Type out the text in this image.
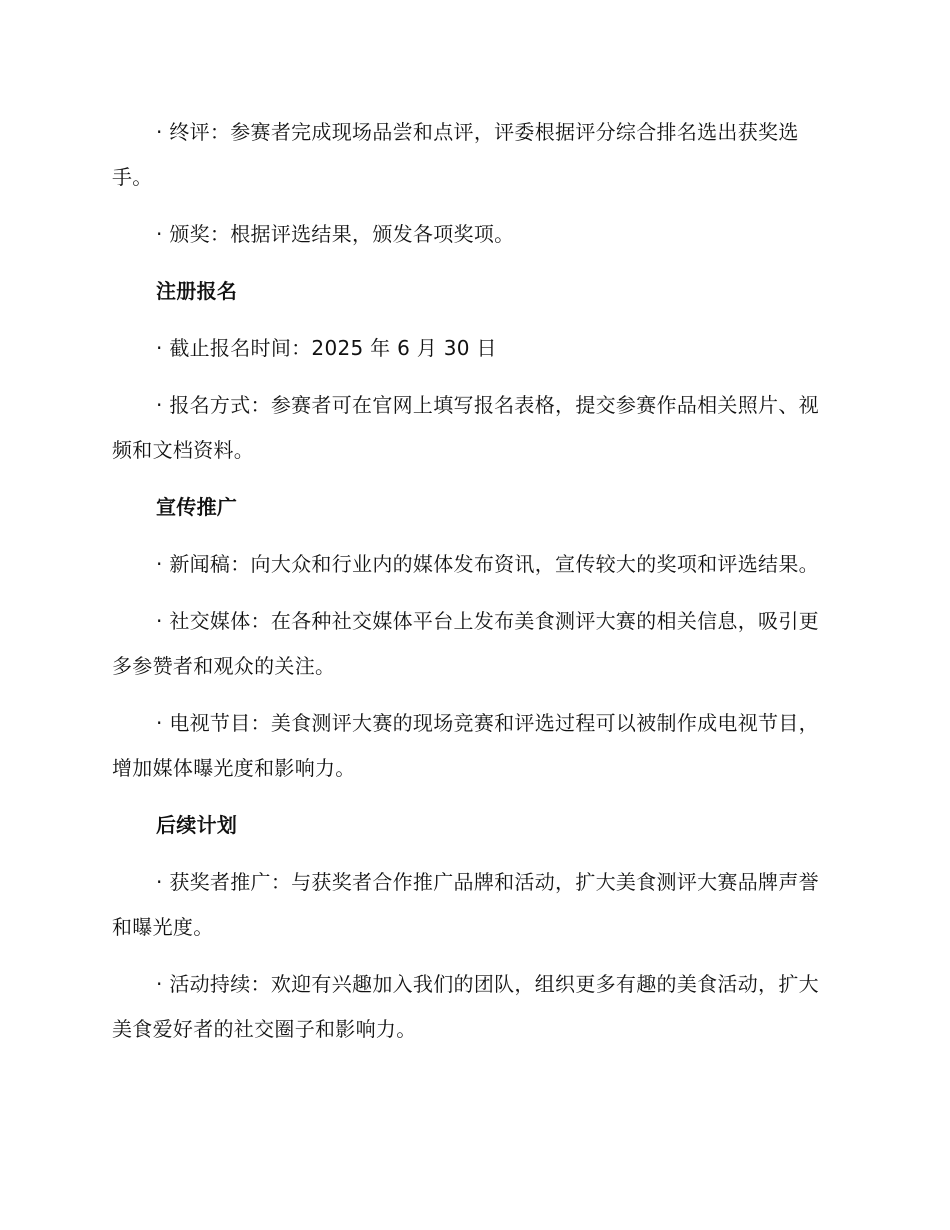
· 终评：参赛者完成现场品尝和点评，评委根据评分综合排名选出获奖选手。

· 颁奖：根据评选结果，颁发各项奖项。

注册报名

· 截止报名时间：2025 年 6 月 30 日

· 报名方式：参赛者可在官网上填写报名表格，提交参赛作品相关照片、视频和文档资料。

宣传推广

· 新闻稿：向大众和行业内的媒体发布资讯，宣传较大的奖项和评选结果。

· 社交媒体：在各种社交媒体平台上发布美食测评大赛的相关信息，吸引更多参赞者和观众的关注。

· 电视节目：美食测评大赛的现场竞赛和评选过程可以被制作成电视节目，增加媒体曝光度和影响力。

后续计划

· 获奖者推广：与获奖者合作推广品牌和活动，扩大美食测评大赛品牌声誉和曝光度。

· 活动持续：欢迎有兴趣加入我们的团队，组织更多有趣的美食活动，扩大美食爱好者的社交圈子和影响力。
